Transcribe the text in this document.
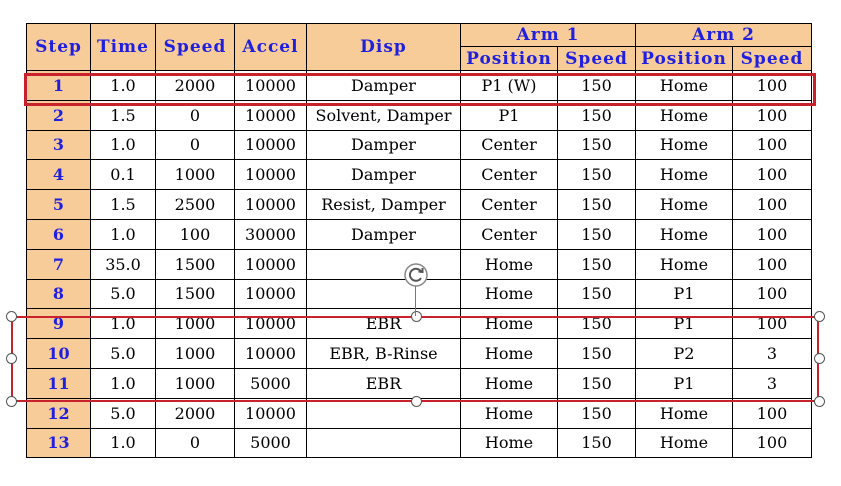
Step	Time	Speed	Accel	Disp	Arm 1		Arm 2	
					Position	Speed	Position	Speed
1	1.0	2000	10000	Damper	P1 (W)	150	Home	100
2	1.5	0	10000	Solvent, Damper	P1	150	Home	100
3	1.0	0	10000	Damper	Center	150	Home	100
4	0.1	1000	10000	Damper	Center	150	Home	100
5	1.5	2500	10000	Resist, Damper	Center	150	Home	100
6	1.0	100	30000	Damper	Center	150	Home	100
7	35.0	1500	10000		Home	150	Home	100
8	5.0	1500	10000		Home	150	P1	100
9	1.0	1000	10000	EBR	Home	150	P1	100
10	5.0	1000	10000	EBR, B-Rinse	Home	150	P2	3
11	1.0	1000	5000	EBR	Home	150	P1	3
12	5.0	2000	10000		Home	150	Home	100
13	1.0	0	5000		Home	150	Home	100
